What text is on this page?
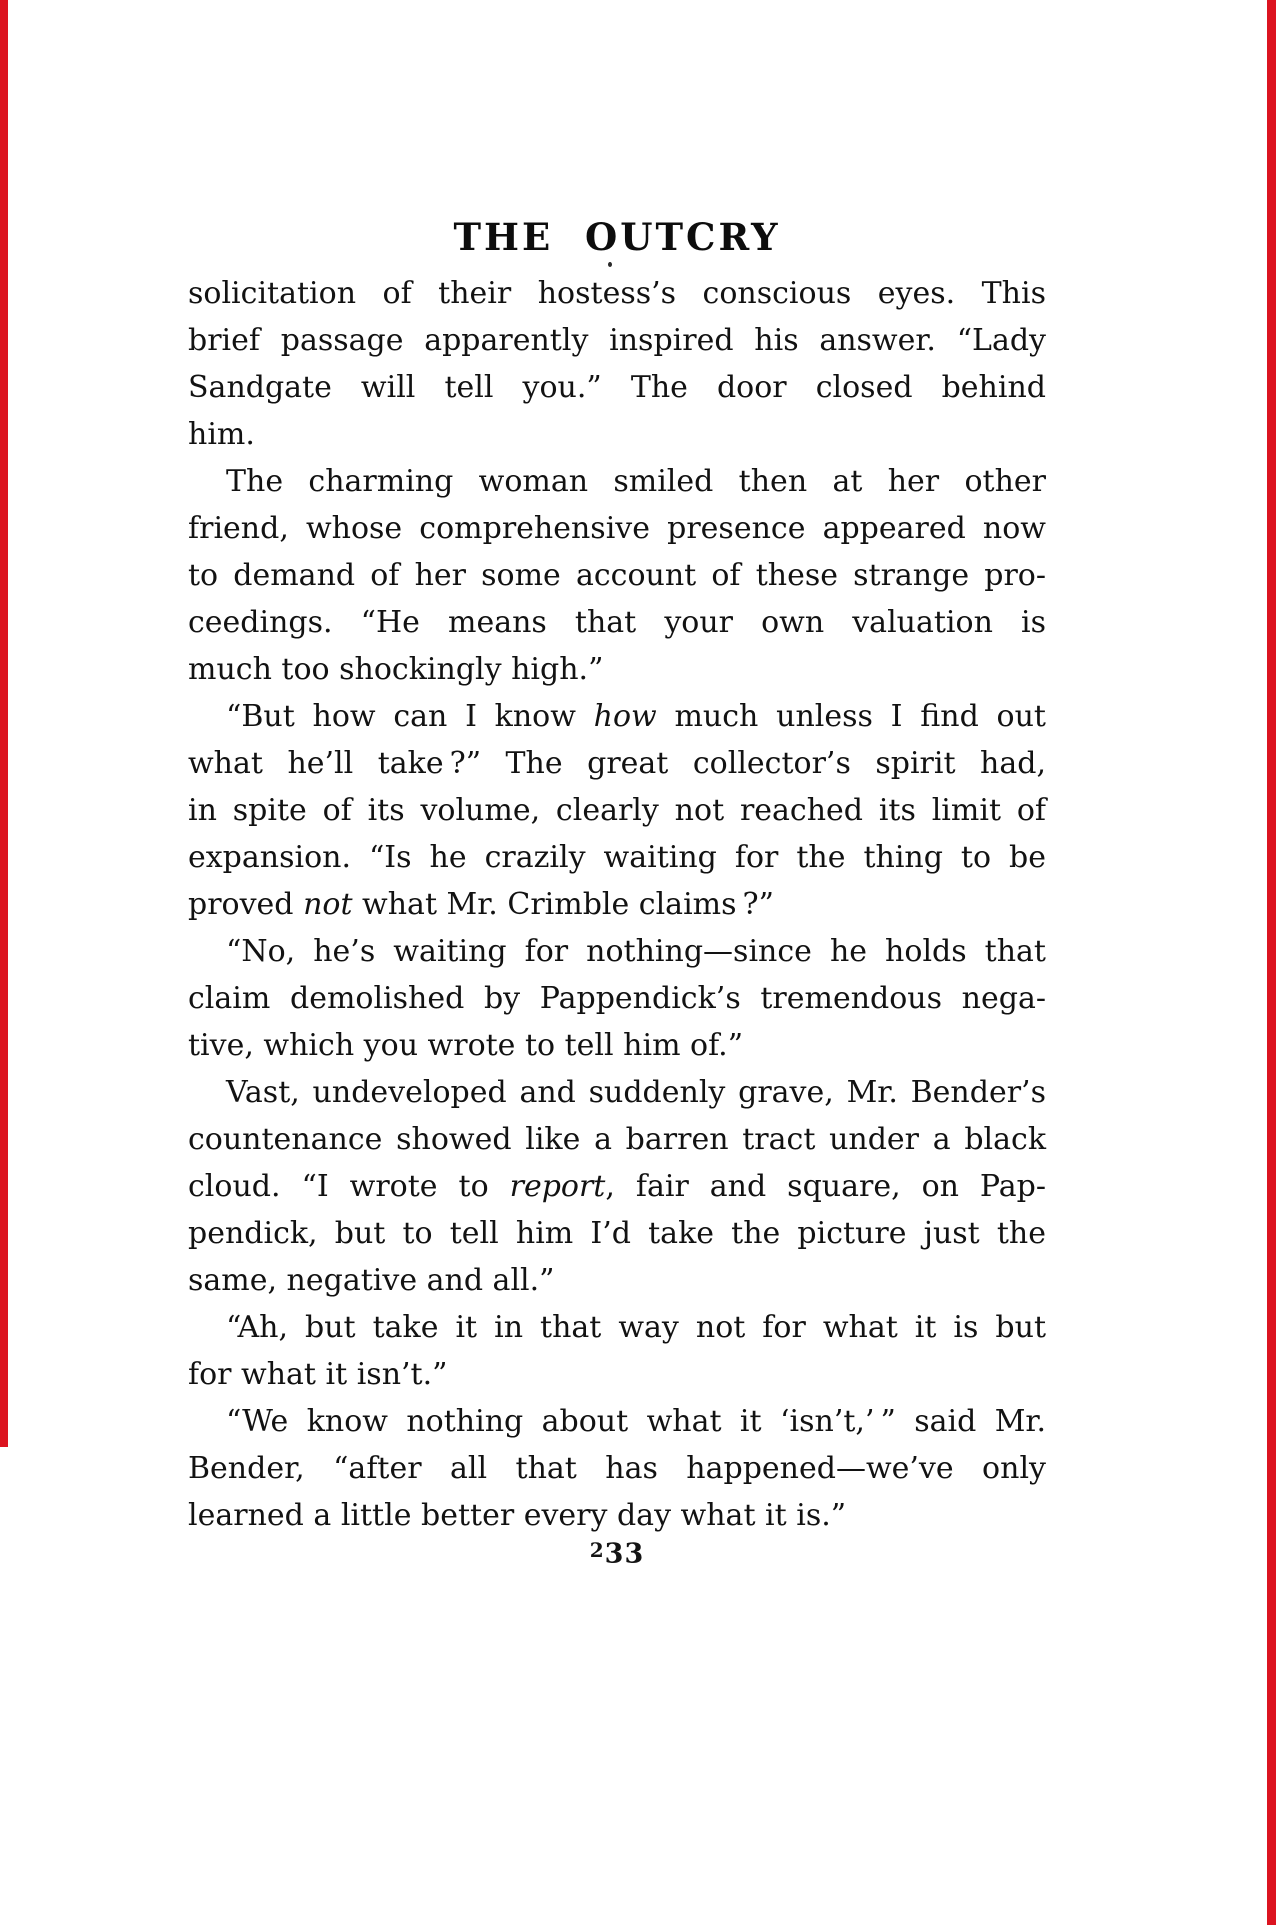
THE OUTCRY
solicitation of their hostess’s conscious eyes. This
brief passage apparently inspired his answer. “Lady
Sandgate will tell you.” The door closed behind
him.
The charming woman smiled then at her other
friend, whose comprehensive presence appeared now
to demand of her some account of these strange pro-
ceedings. “He means that your own valuation is
much too shockingly high.”
“But how can I know how much unless I find out
what he’ll take ?” The great collector’s spirit had,
in spite of its volume, clearly not reached its limit of
expansion. “Is he crazily waiting for the thing to be
proved not what Mr. Crimble claims ?”
“No, he’s waiting for nothing—since he holds that
claim demolished by Pappendick’s tremendous nega-
tive, which you wrote to tell him of.”
Vast, undeveloped and suddenly grave, Mr. Bender’s
countenance showed like a barren tract under a black
cloud. “I wrote to report, fair and square, on Pap-
pendick, but to tell him I’d take the picture just the
same, negative and all.”
“Ah, but take it in that way not for what it is but
for what it isn’t.”
“We know nothing about what it ‘isn’t,’ ” said Mr.
Bender, “after all that has happened—we’ve only
learned a little better every day what it is.”
$^2$33
